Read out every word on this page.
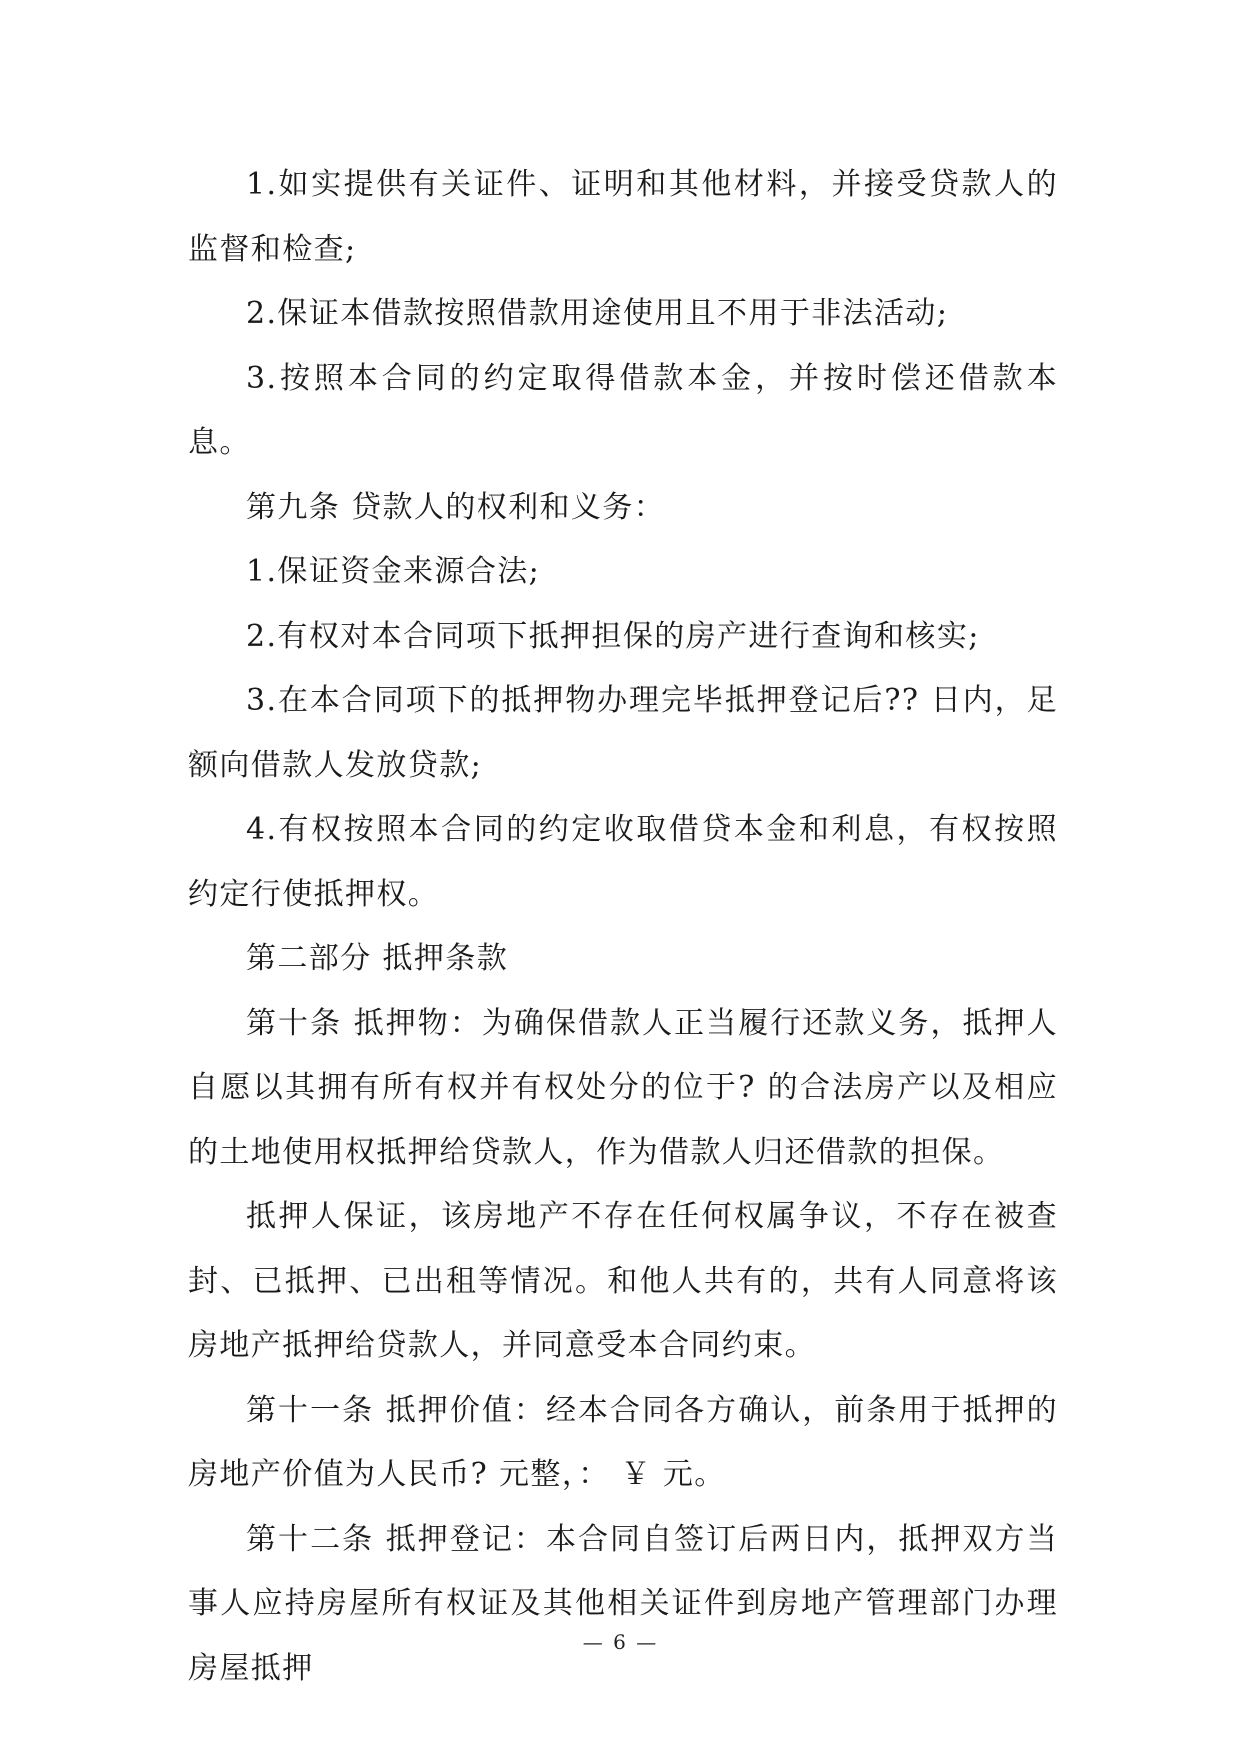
1.如实提供有关证件、证明和其他材料，并接受贷款人的监督和检查;

2.保证本借款按照借款用途使用且不用于非法活动;

3.按照本合同的约定取得借款本金，并按时偿还借款本息。

第九条 贷款人的权利和义务：

1.保证资金来源合法;

2.有权对本合同项下抵押担保的房产进行查询和核实;

3.在本合同项下的抵押物办理完毕抵押登记后?? 日内，足额向借款人发放贷款;

4.有权按照本合同的约定收取借贷本金和利息，有权按照约定行使抵押权。

第二部分 抵押条款

第十条 抵押物：为确保借款人正当履行还款义务，抵押人自愿以其拥有所有权并有权处分的位于? 的合法房产以及相应的土地使用权抵押给贷款人，作为借款人归还借款的担保。

抵押人保证，该房地产不存在任何权属争议，不存在被查封、已抵押、已出租等情况。和他人共有的，共有人同意将该房地产抵押给贷款人，并同意受本合同约束。

第十一条 抵押价值：经本合同各方确认，前条用于抵押的房地产价值为人民币? 元整，： ￥ 元。

第十二条 抵押登记：本合同自签订后两日内，抵押双方当事人应持房屋所有权证及其他相关证件到房地产管理部门办理房屋抵押

— 6 —
